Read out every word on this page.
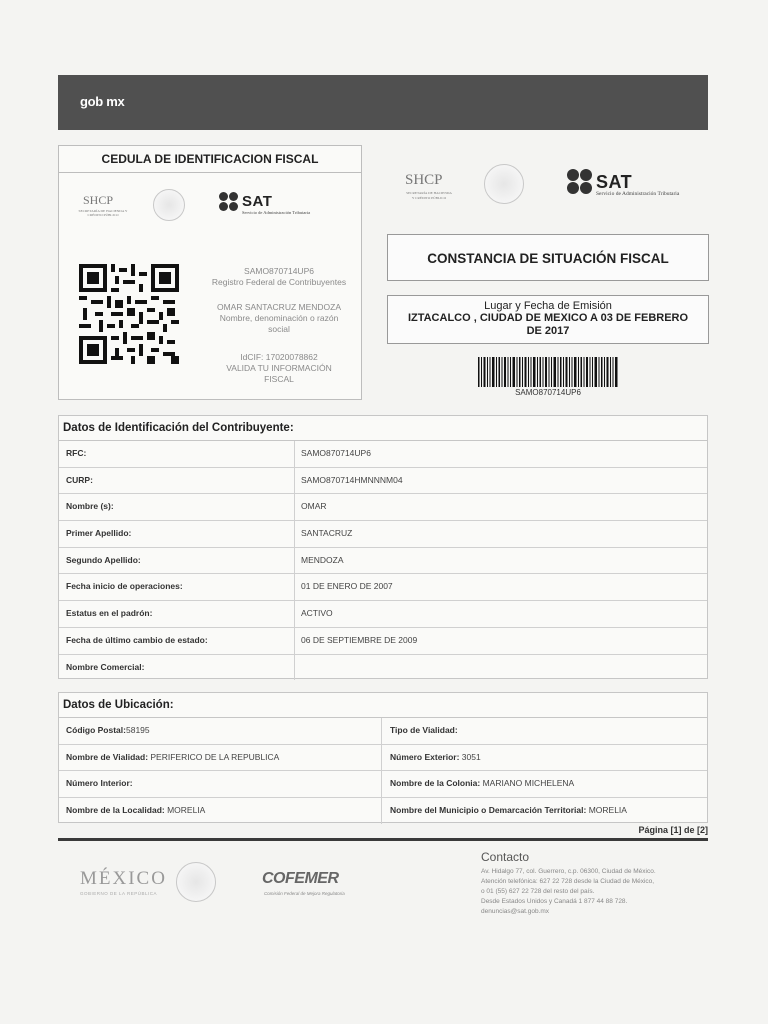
gob mx
CEDULA DE IDENTIFICACION FISCAL
SHCP
SECRETARÍA DE HACIENDA Y CRÉDITO PÚBLICO
SAT
Servicio de Administración Tributaria
SAMO870714UP6
Registro Federal de Contribuyentes
OMAR SANTACRUZ MENDOZA
Nombre, denominación o razón
social
IdCIF: 17020078862
VALIDA TU INFORMACIÓN
FISCAL
SHCP
SECRETARÍA DE HACIENDA
Y CRÉDITO PÚBLICO
SAT
Servicio de Administración Tributaria
CONSTANCIA DE SITUACIÓN FISCAL
Lugar y Fecha de Emisión
IZTACALCO , CIUDAD DE MEXICO A 03 DE FEBRERO DE 2017
SAMO870714UP6
Datos de Identificación del Contribuyente:
RFC:	SAMO870714UP6
CURP:	SAMO870714HMNNNM04
Nombre (s):	OMAR
Primer Apellido:	SANTACRUZ
Segundo Apellido:	MENDOZA
Fecha inicio de operaciones:	01 DE ENERO DE 2007
Estatus en el padrón:	ACTIVO
Fecha de último cambio de estado:	06 DE SEPTIEMBRE DE 2009
Nombre Comercial:
Datos de Ubicación:
Código Postal:58195	Tipo de Vialidad:
Nombre de Vialidad: PERIFERICO DE LA REPUBLICA	Número Exterior: 3051
Número Interior:	Nombre de la Colonia: MARIANO MICHELENA
Nombre de la Localidad: MORELIA	Nombre del Municipio o Demarcación Territorial: MORELIA
Página [1] de [2]
MÉXICO
GOBIERNO DE LA REPÚBLICA
COFEMER
Comisión Federal de Mejora Regulatoria
Contacto
Av. Hidalgo 77, col. Guerrero, c.p. 06300, Ciudad de México.
Atención telefónica: 627 22 728 desde la Ciudad de México,
o 01 (55) 627 22 728 del resto del país.
Desde Estados Unidos y Canadá 1 877 44 88 728.
denuncias@sat.gob.mx
